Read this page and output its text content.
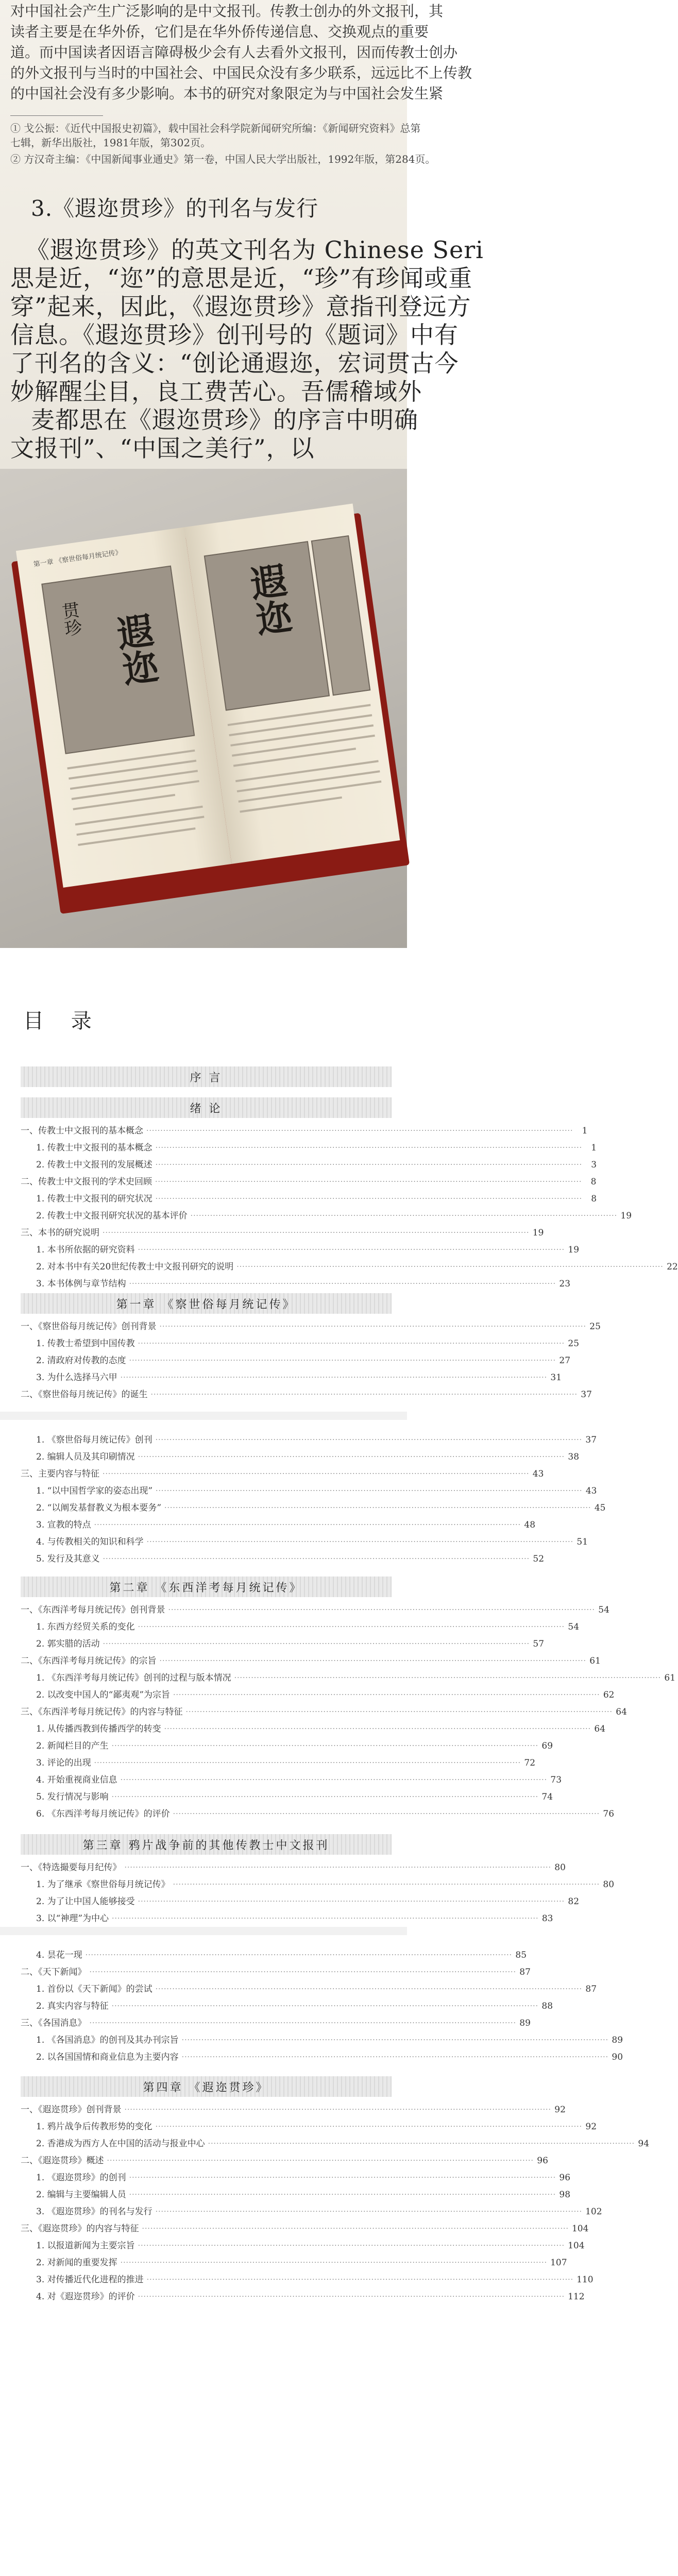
对中国社会产生广泛影响的是中文报刊。传教士创办的外文报刊，其
读者主要是在华外侨，它们是在华外侨传递信息、交换观点的重要
道。而中国读者因语言障碍极少会有人去看外文报刊，因而传教士创办
的外文报刊与当时的中国社会、中国民众没有多少联系，远远比不上传教
的中国社会没有多少影响。本书的研究对象限定为与中国社会发生紧
① 戈公振：《近代中国报史初篇》，载中国社会科学院新闻研究所编：《新闻研究资料》总第
七辑，新华出版社，1981年版，第302页。
② 方汉奇主编：《中国新闻事业通史》第一卷，中国人民大学出版社，1992年版，第284页。
3.《遐迩贯珍》的刊名与发行
《遐迩贯珍》的英文刊名为 Chinese Seri
思是近，“迩”的意思是近，“珍”有珍闻或重
穿”起来，因此，《遐迩贯珍》意指刊登远方
信息。《遐迩贯珍》创刊号的《题词》中有
了刊名的含义：“创论通遐迩，宏词贯古今
妙解醒尘目，良工费苦心。吾儒稽域外
麦都思在《遐迩贯珍》的序言中明确
文报刊”、“中国之美行”，以
第一章 《察世俗每月统记传》
贯珍 遐迩
遐迩
目 录
序 言
绪 论
一、传教士中文报刊的基本概念 ·····	1
1. 传教士中文报刊的基本概念 ·····	1
2. 传教士中文报刊的发展概述 ·····	3
二、传教士中文报刊的学术史回顾 ·····	8
1. 传教士中文报刊的研究状况 ·····	8
2. 传教士中文报刊研究状况的基本评价 ·····	19
三、本书的研究说明 ·····	19
1. 本书所依据的研究资料 ·····	19
2. 对本书中有关20世纪传教士中文报刊研究的说明 ·····	22
3. 本书体例与章节结构 ·····	23
第一章 《察世俗每月统记传》
一、《察世俗每月统记传》创刊背景 ·····	25
1. 传教士希望到中国传教 ·····	25
2. 清政府对传教的态度 ·····	27
3. 为什么选择马六甲 ·····	31
二、《察世俗每月统记传》的诞生 ·····	37
1. 《察世俗每月统记传》创刊 ·····	37
2. 编辑人员及其印刷情况 ·····	38
三、主要内容与特征 ·····	43
1. “以中国哲学家的姿态出现” ·····	43
2. “以阐发基督教义为根本要务” ·····	45
3. 宣教的特点 ·····	48
4. 与传教相关的知识和科学 ·····	51
5. 发行及其意义 ·····	52
第二章 《东西洋考每月统记传》
一、《东西洋考每月统记传》创刊背景 ·····	54
1. 东西方经贸关系的变化 ·····	54
2. 郭实腊的活动 ·····	57
二、《东西洋考每月统记传》的宗旨 ·····	61
1. 《东西洋考每月统记传》创刊的过程与版本情况 ·····	61
2. 以改变中国人的“鄙夷观”为宗旨 ·····	62
三、《东西洋考每月统记传》的内容与特征 ·····	64
1. 从传播西教到传播西学的转变 ·····	64
2. 新闻栏目的产生 ·····	69
3. 评论的出现 ·····	72
4. 开始重视商业信息 ·····	73
5. 发行情况与影响 ·····	74
6. 《东西洋考每月统记传》的评价 ·····	76
第三章 鸦片战争前的其他传教士中文报刊
一、《特选撮要每月纪传》 ·····	80
1. 为了继承《察世俗每月统记传》 ·····	80
2. 为了让中国人能够接受 ·····	82
3. 以“神理”为中心 ·····	83
4. 昙花一现 ·····	85
二、《天下新闻》 ·····	87
1. 首份以《天下新闻》的尝试 ·····	87
2. 真实内容与特征 ·····	88
三、《各国消息》 ·····	89
1. 《各国消息》的创刊及其办刊宗旨 ·····	89
2. 以各国国情和商业信息为主要内容 ·····	90
第四章 《遐迩贯珍》
一、《遐迩贯珍》创刊背景 ·····	92
1. 鸦片战争后传教形势的变化 ·····	92
2. 香港成为西方人在中国的活动与报业中心 ·····	94
二、《遐迩贯珍》概述 ·····	96
1. 《遐迩贯珍》的创刊 ·····	96
2. 编辑与主要编辑人员 ·····	98
3. 《遐迩贯珍》的刊名与发行 ·····	102
三、《遐迩贯珍》的内容与特征 ·····	104
1. 以报道新闻为主要宗旨 ·····	104
2. 对新闻的重要发挥 ·····	107
3. 对传播近代化进程的推进 ·····	110
4. 对《遐迩贯珍》的评价 ·····	112
